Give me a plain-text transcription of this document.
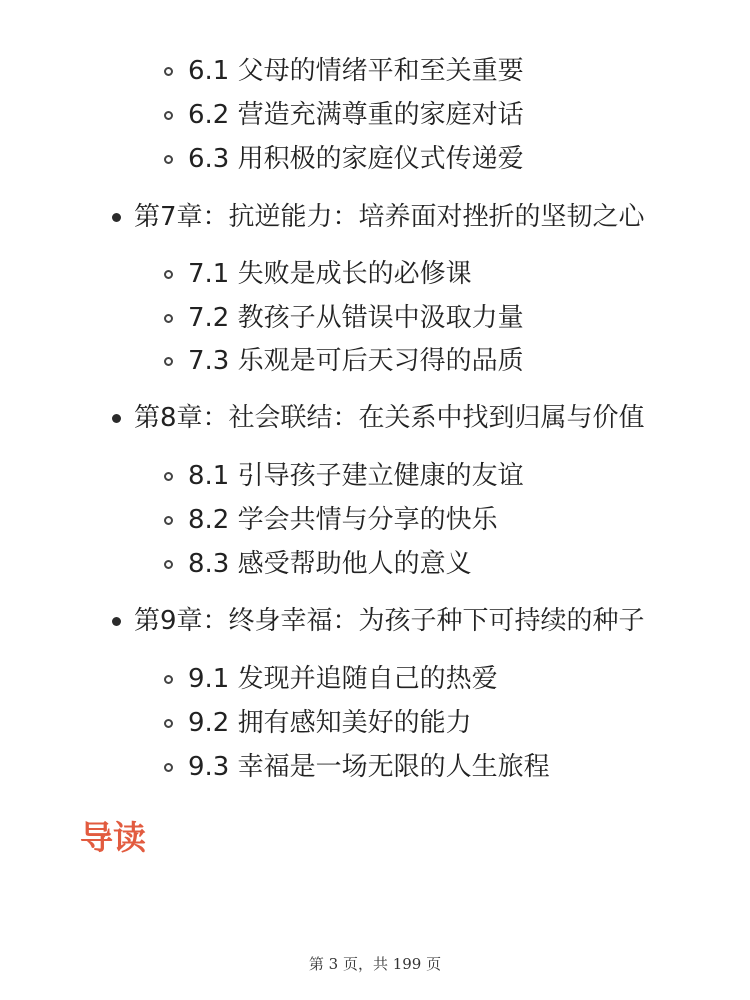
6.1 父母的情绪平和至关重要
6.2 营造充满尊重的家庭对话
6.3 用积极的家庭仪式传递爱
第7章：抗逆能力：培养面对挫折的坚韧之心
7.1 失败是成长的必修课
7.2 教孩子从错误中汲取力量
7.3 乐观是可后天习得的品质
第8章：社会联结：在关系中找到归属与价值
8.1 引导孩子建立健康的友谊
8.2 学会共情与分享的快乐
8.3 感受帮助他人的意义
第9章：终身幸福：为孩子种下可持续的种子
9.1 发现并追随自己的热爱
9.2 拥有感知美好的能力
9.3 幸福是一场无限的人生旅程
导读
第 3 页，共 199 页
